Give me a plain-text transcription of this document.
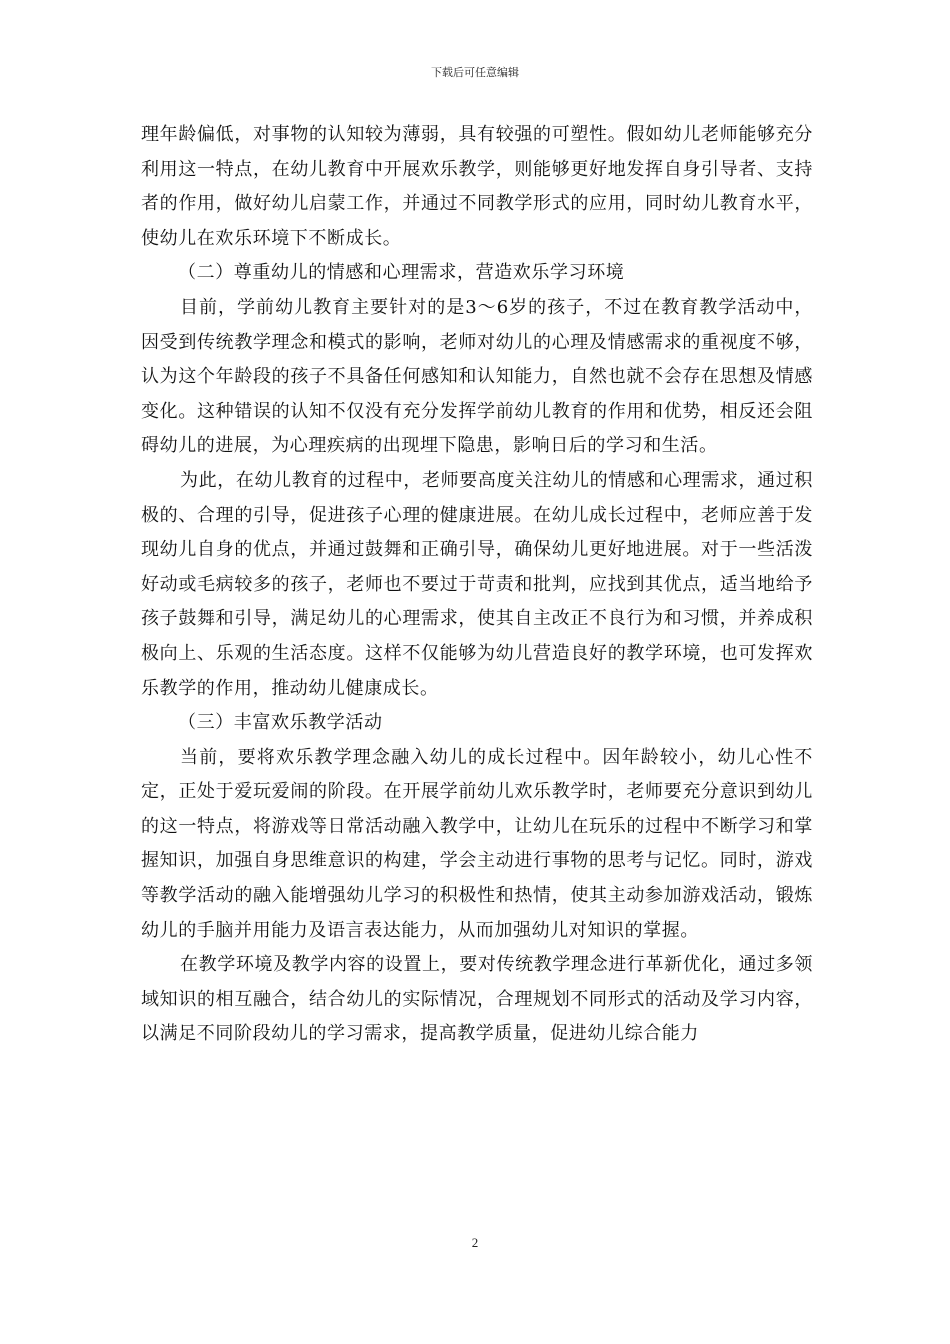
下载后可任意编辑

理年龄偏低，对事物的认知较为薄弱，具有较强的可塑性。假如幼儿老师能够充分利用这一特点，在幼儿教育中开展欢乐教学，则能够更好地发挥自身引导者、支持者的作用，做好幼儿启蒙工作，并通过不同教学形式的应用，同时幼儿教育水平，使幼儿在欢乐环境下不断成长。

（二）尊重幼儿的情感和心理需求，营造欢乐学习环境

目前，学前幼儿教育主要针对的是3～6岁的孩子，不过在教育教学活动中，因受到传统教学理念和模式的影响，老师对幼儿的心理及情感需求的重视度不够，认为这个年龄段的孩子不具备任何感知和认知能力，自然也就不会存在思想及情感变化。这种错误的认知不仅没有充分发挥学前幼儿教育的作用和优势，相反还会阻碍幼儿的进展，为心理疾病的出现埋下隐患，影响日后的学习和生活。

为此，在幼儿教育的过程中，老师要高度关注幼儿的情感和心理需求，通过积极的、合理的引导，促进孩子心理的健康进展。在幼儿成长过程中，老师应善于发现幼儿自身的优点，并通过鼓舞和正确引导，确保幼儿更好地进展。对于一些活泼好动或毛病较多的孩子，老师也不要过于苛责和批判，应找到其优点，适当地给予孩子鼓舞和引导，满足幼儿的心理需求，使其自主改正不良行为和习惯，并养成积极向上、乐观的生活态度。这样不仅能够为幼儿营造良好的教学环境，也可发挥欢乐教学的作用，推动幼儿健康成长。

（三）丰富欢乐教学活动

当前，要将欢乐教学理念融入幼儿的成长过程中。因年龄较小，幼儿心性不定，正处于爱玩爱闹的阶段。在开展学前幼儿欢乐教学时，老师要充分意识到幼儿的这一特点，将游戏等日常活动融入教学中，让幼儿在玩乐的过程中不断学习和掌握知识，加强自身思维意识的构建，学会主动进行事物的思考与记忆。同时，游戏等教学活动的融入能增强幼儿学习的积极性和热情，使其主动参加游戏活动，锻炼幼儿的手脑并用能力及语言表达能力，从而加强幼儿对知识的掌握。

在教学环境及教学内容的设置上，要对传统教学理念进行革新优化，通过多领域知识的相互融合，结合幼儿的实际情况，合理规划不同形式的活动及学习内容，以满足不同阶段幼儿的学习需求，提高教学质量，促进幼儿综合能力

2
